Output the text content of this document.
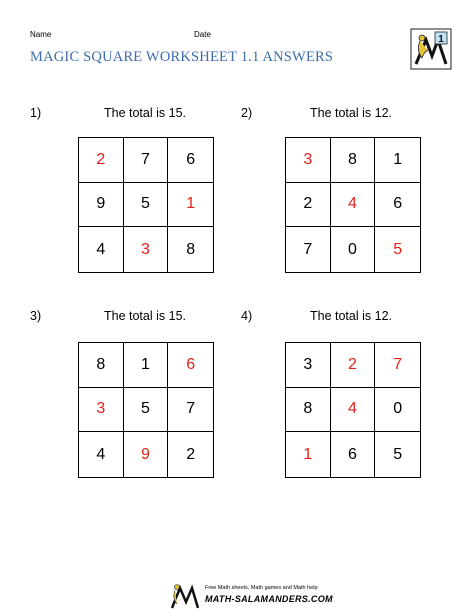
Name	Date
MAGIC SQUARE WORKSHEET 1.1 ANSWERS
1
1)	The total is 15.
2	7	6
9	5	1
4	3	8
2)	The total is 12.
3	8	1
2	4	6
7	0	5
3)	The total is 15.
8	1	6
3	5	7
4	9	2
4)	The total is 12.
3	2	7
8	4	0
1	6	5
Free Math sheets, Math games and Math help
MATH-SALAMANDERS.COM
